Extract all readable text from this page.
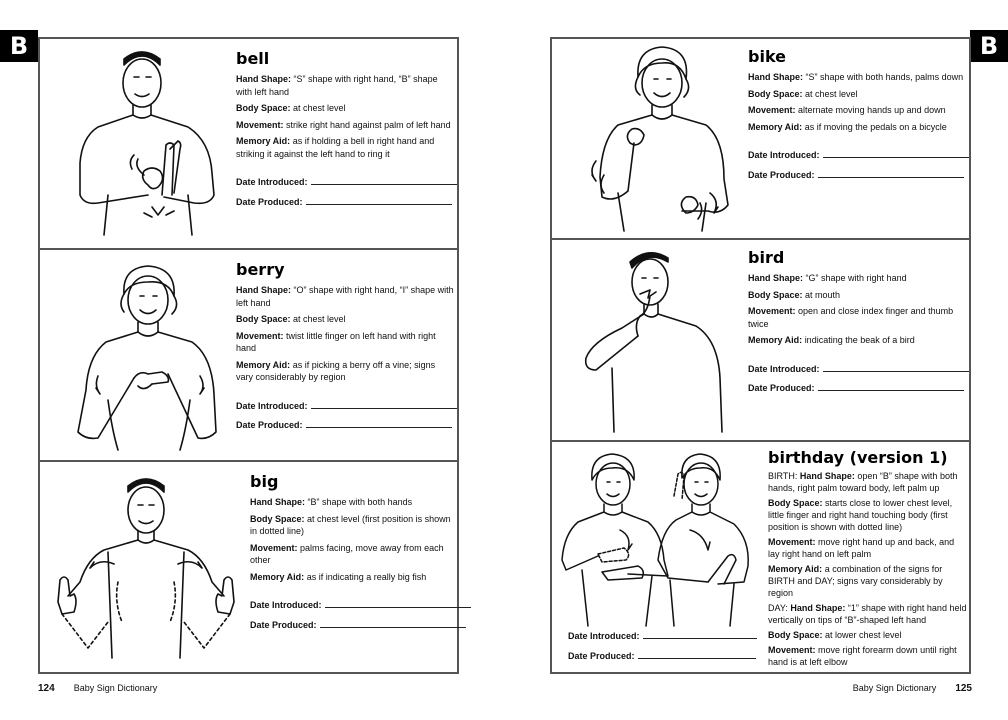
B	bell
Hand Shape: “S” shape with right hand, “B” shape with left hand
Body Space: at chest level
Movement: strike right hand against palm of left hand
Memory Aid: as if holding a bell in right hand and striking it against the left hand to ring it
Date Introduced:
Date Produced:
berry
Hand Shape: “O” shape with right hand, “I” shape with left hand
Body Space: at chest level
Movement: twist little finger on left hand with right hand
Memory Aid: as if picking a berry off a vine; signs vary considerably by region
Date Introduced:
Date Produced:
big
Hand Shape: “B” shape with both hands
Body Space: at chest level (first position is shown in dotted line)
Movement: palms facing, move away from each other
Memory Aid: as if indicating a really big fish
Date Introduced:
Date Produced:
124 Baby Sign Dictionary
B
bike
Hand Shape: “S” shape with both hands, palms down
Body Space: at chest level
Movement: alternate moving hands up and down
Memory Aid: as if moving the pedals on a bicycle
Date Introduced:
Date Produced:
bird
Hand Shape: “G” shape with right hand
Body Space: at mouth
Movement: open and close index finger and thumb twice
Memory Aid: indicating the beak of a bird
Date Introduced:
Date Produced:
birthday (version 1)
BIRTH: Hand Shape: open “B” shape with both hands, right palm toward body, left palm up
Body Space: starts close to lower chest level, little finger and right hand touching body (first position is shown with dotted line)
Movement: move right hand up and back, and lay right hand on left palm
Memory Aid: a combination of the signs for BIRTH and DAY; signs vary considerably by region
DAY: Hand Shape: “1” shape with right hand held vertically on tips of “B”-shaped left hand
Body Space: at lower chest level
Movement: move right forearm down until right hand is at left elbow
Date Introduced:
Date Produced:
Baby Sign Dictionary 125
